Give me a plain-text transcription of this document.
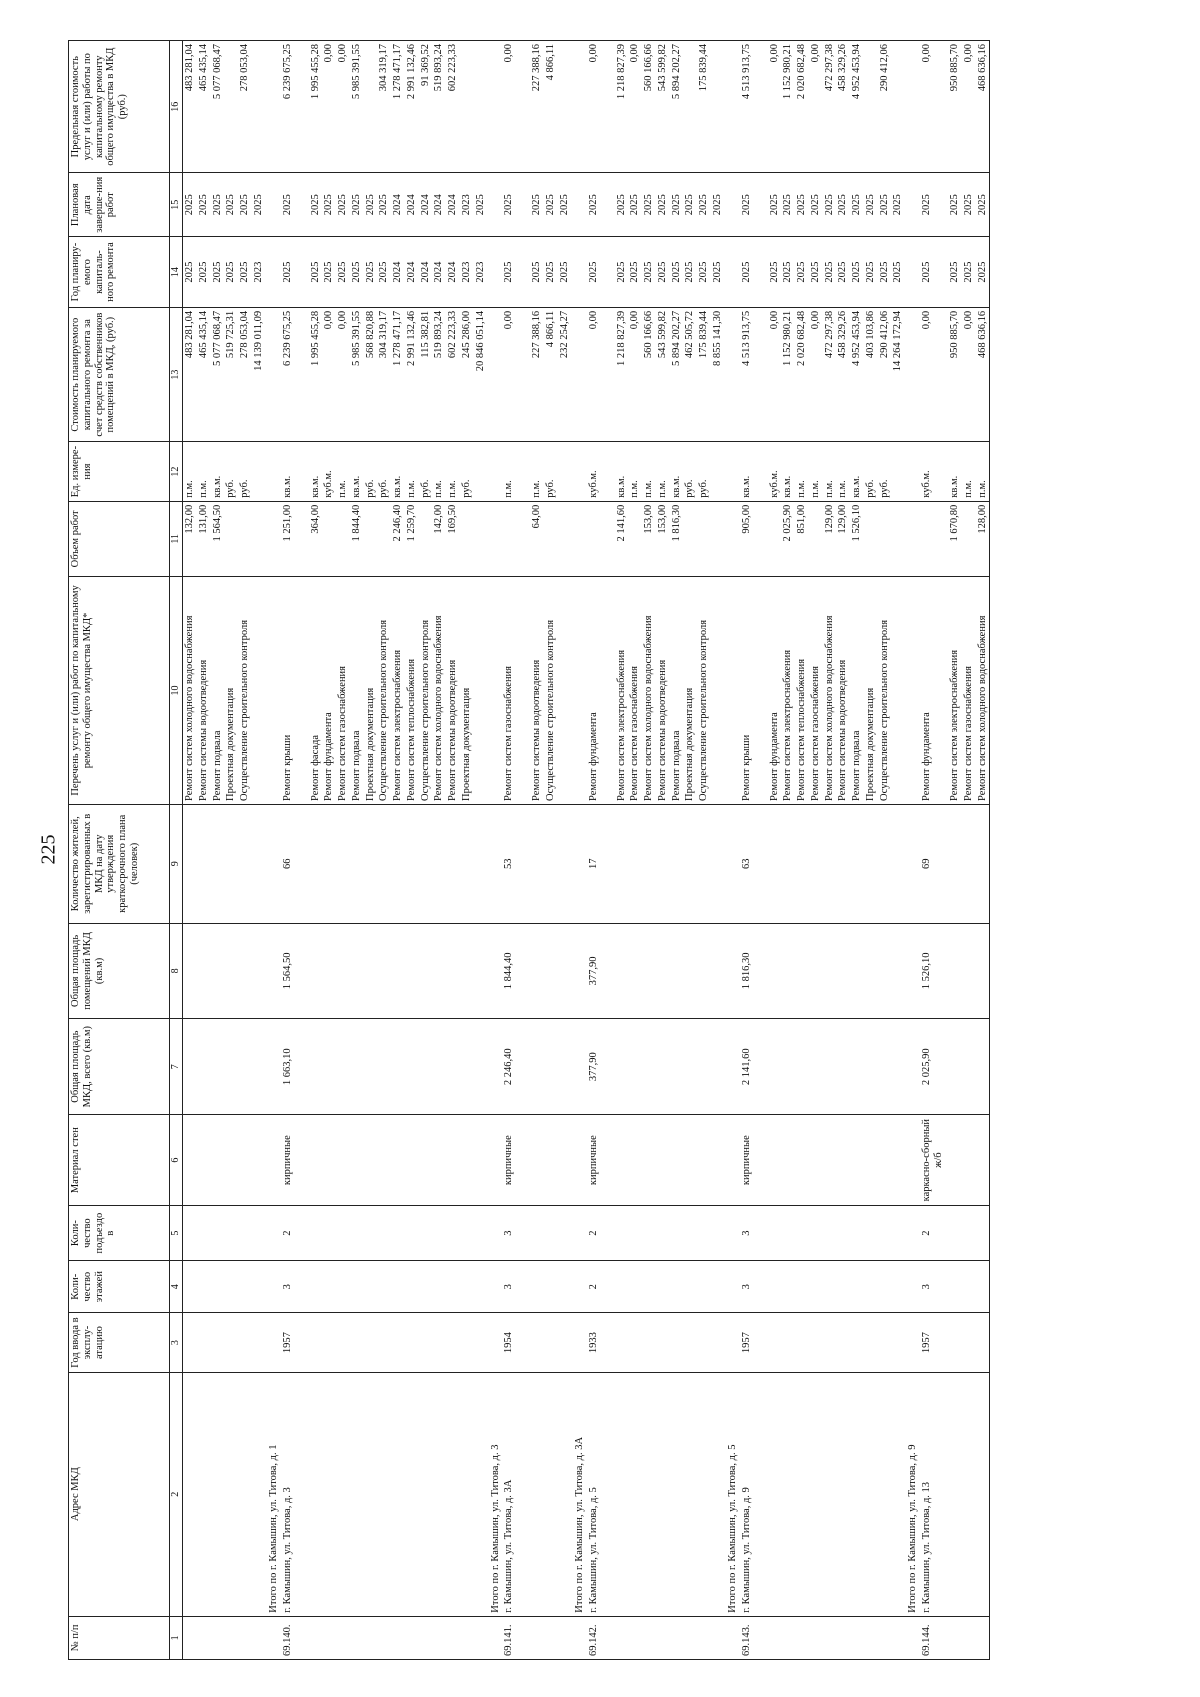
225
№ п/п	Адрес МКД	Год ввода в эксплу-атацию	Коли-чество этажей	Коли-чество подъездо в	Материал стен	Общая площадь МКД, всего (кв.м)	Общая площадь помещений МКД (кв.м)	Количество жителей, зарегистрированных в МКД на дату утверждения краткосрочного плана (человек)	Перечень услуг и (или) работ по капитальному ремонту общего имущества МКД*	Объем работ	Ед. измере-ния	Стоимость планируемого капитального ремонта за счет средств собственников помещений в МКД, (руб.)	Год планиру-емого капиталь-ного ремонта	Плановая дата заверше-ния работ	Предельная стоимость услуг и (или) работы по капитальному ремонту общего имущества в МКД (руб.)
1	2	3	4	5	6	7	8	9	10	11	12	13	14	15	16
									Ремонт систем холодного водоснабжения	132,00	п.м.	483 281,04	2025	2025	483 281,04
									Ремонт системы водоотведения	131,00	п.м.	465 435,14	2025	2025	465 435,14
									Ремонт подвала	1 564,50	кв.м.	5 077 068,47	2025	2025	5 077 068,47
									Проектная документация		руб.	519 725,31	2025	2025	
									Осуществление строительного контроля		руб.	278 053,04	2025	2025	278 053,04
	Итого по г. Камышин, ул. Титова, д. 1											14 139 011,09	2023	2025	
69.140.	г. Камышин, ул. Титова, д. 3	1957	3	2	кирпичные	1 663,10	1 564,50	66	Ремонт крыши	1 251,00	кв.м.	6 239 675,25	2025	2025	6 239 675,25
									Ремонт фасада	364,00	кв.м.	1 995 455,28	2025	2025	1 995 455,28
									Ремонт фундамента		куб.м.	0,00	2025	2025	0,00
									Ремонт систем газоснабжения		п.м.	0,00	2025	2025	0,00
									Ремонт подвала	1 844,40	кв.м.	5 985 391,55	2025	2025	5 985 391,55
									Проектная документация		руб.	568 820,88	2025	2025	
									Осуществление строительного контроля		руб.	304 319,17	2025	2025	304 319,17
									Ремонт систем электроснабжения	2 246,40	кв.м.	1 278 471,17	2024	2024	1 278 471,17
									Ремонт систем теплоснабжения	1 259,70	п.м.	2 991 132,46	2024	2024	2 991 132,46
									Осуществление строительного контроля		руб.	115 382,81	2024	2024	91 369,52
									Ремонт систем холодного водоснабжения	142,00	п.м.	519 893,24	2024	2024	519 893,24
									Ремонт системы водоотведения	169,50	п.м.	602 223,33	2024	2024	602 223,33
									Проектная документация		руб.	245 286,00	2023	2023	
	Итого по г. Камышин, ул. Титова, д. 3											20 846 051,14	2023	2025	
69.141.	г. Камышин, ул. Титова, д. 3А	1954	3	3	кирпичные	2 246,40	1 844,40	53	Ремонт систем газоснабжения		п.м.	0,00	2025	2025	0,00
									Ремонт системы водоотведения	64,00	п.м.	227 388,16	2025	2025	227 388,16
									Осуществление строительного контроля		руб.	4 866,11	2025	2025	4 866,11
	Итого по г. Камышин, ул. Титова, д. 3А											232 254,27	2025	2025	
69.142.	г. Камышин, ул. Титова, д. 5	1933	2	2	кирпичные	377,90	377,90	17	Ремонт фундамента		куб.м.	0,00	2025	2025	0,00
									Ремонт систем электроснабжения	2 141,60	кв.м.	1 218 827,39	2025	2025	1 218 827,39
									Ремонт систем газоснабжения		п.м.	0,00	2025	2025	0,00
									Ремонт систем холодного водоснабжения	153,00	п.м.	560 166,66	2025	2025	560 166,66
									Ремонт системы водоотведения	153,00	п.м.	543 599,82	2025	2025	543 599,82
									Ремонт подвала	1 816,30	кв.м.	5 894 202,27	2025	2025	5 894 202,27
									Проектная документация		руб.	462 505,72	2025	2025	
									Осуществление строительного контроля		руб.	175 839,44	2025	2025	175 839,44
	Итого по г. Камышин, ул. Титова, д. 5											8 855 141,30	2025	2025	
69.143.	г. Камышин, ул. Титова, д. 9	1957	3	3	кирпичные	2 141,60	1 816,30	63	Ремонт крыши	905,00	кв.м.	4 513 913,75	2025	2025	4 513 913,75
									Ремонт фундамента		куб.м.	0,00	2025	2025	0,00
									Ремонт систем электроснабжения	2 025,90	кв.м.	1 152 980,21	2025	2025	1 152 980,21
									Ремонт систем теплоснабжения	851,00	п.м.	2 020 682,48	2025	2025	2 020 682,48
									Ремонт систем газоснабжения		п.м.	0,00	2025	2025	0,00
									Ремонт систем холодного водоснабжения	129,00	п.м.	472 297,38	2025	2025	472 297,38
									Ремонт системы водоотведения	129,00	п.м.	458 329,26	2025	2025	458 329,26
									Ремонт подвала	1 526,10	кв.м.	4 952 453,94	2025	2025	4 952 453,94
									Проектная документация		руб.	403 103,86	2025	2025	
									Осуществление строительного контроля		руб.	290 412,06	2025	2025	290 412,06
	Итого по г. Камышин, ул. Титова, д. 9											14 264 172,94	2025	2025	
69.144.	г. Камышин, ул. Титова, д. 13	1957	3	2	каркасно-сборный ж/б	2 025,90	1 526,10	69	Ремонт фундамента		куб.м.	0,00	2025	2025	0,00
									Ремонт систем электроснабжения	1 670,80	кв.м.	950 885,70	2025	2025	950 885,70
									Ремонт систем газоснабжения		п.м.	0,00	2025	2025	0,00
									Ремонт систем холодного водоснабжения	128,00	п.м.	468 636,16	2025	2025	468 636,16
